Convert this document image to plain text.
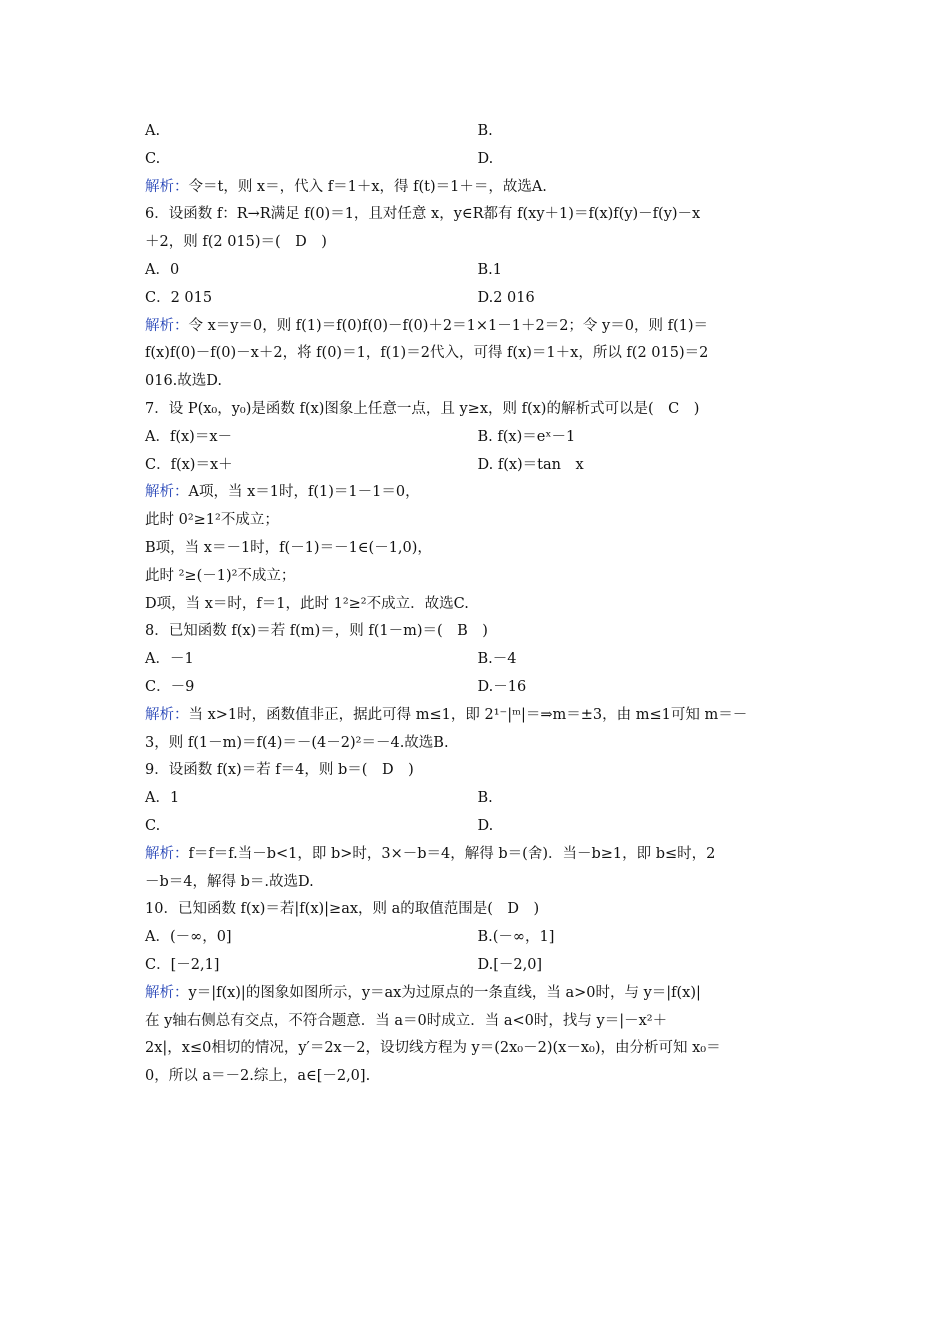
A.	B.
C.	D.
解析：令＝t，则 x＝，代入 f＝1＋x，得 f(t)＝1＋＝，故选A.
6．设函数 f：R→R满足 f(0)＝1，且对任意 x，y∈R都有 f(xy＋1)＝f(x)f(y)－f(y)－x
＋2，则 f(2 015)＝(　D　)
A．0	B.1
C．2 015	D.2 016
解析：令 x＝y＝0，则 f(1)＝f(0)f(0)－f(0)＋2＝1×1－1＋2＝2；令 y＝0，则 f(1)＝
f(x)f(0)－f(0)－x＋2，将 f(0)＝1，f(1)＝2代入，可得 f(x)＝1＋x，所以 f(2 015)＝2
016.故选D.
7．设 P(x₀，y₀)是函数 f(x)图象上任意一点，且 y≥x，则 f(x)的解析式可以是(　C　)
A．f(x)＝x－	B. f(x)＝eˣ－1
C．f(x)＝x＋	D. f(x)＝tan　x
解析：A项，当 x＝1时，f(1)＝1－1＝0，
此时 0²≥1²不成立；
B项，当 x＝－1时，f(－1)＝－1∈(－1,0)，
此时 ²≥(－1)²不成立；
D项，当 x＝时，f＝1，此时 1²≥²不成立．故选C.
8．已知函数 f(x)＝若 f(m)＝，则 f(1－m)＝(　B　)
A．－1	B.－4
C．－9	D.－16
解析：当 x>1时，函数值非正，据此可得 m≤1，即 2¹⁻|ᵐ|＝⇒m＝±3，由 m≤1可知 m＝－
3，则 f(1－m)＝f(4)＝－(4－2)²＝－4.故选B.
9．设函数 f(x)＝若 f＝4，则 b＝(　D　)
A．1	B.
C.	D.
解析：f＝f＝f.当－b<1，即 b>时，3×－b＝4，解得 b＝(舍)．当－b≥1，即 b≤时，2
－b＝4，解得 b＝.故选D.
10．已知函数 f(x)＝若|f(x)|≥ax，则 a的取值范围是(　D　)
A．(－∞，0]	B.(－∞，1]
C．[－2,1]	D.[－2,0]
解析：y＝|f(x)|的图象如图所示，y＝ax为过原点的一条直线，当 a>0时，与 y＝|f(x)|
在 y轴右侧总有交点，不符合题意．当 a＝0时成立．当 a<0时，找与 y＝|－x²＋
2x|，x≤0相切的情况，y′＝2x－2，设切线方程为 y＝(2x₀－2)(x－x₀)，由分析可知 x₀＝
0，所以 a＝－2.综上，a∈[－2,0].
